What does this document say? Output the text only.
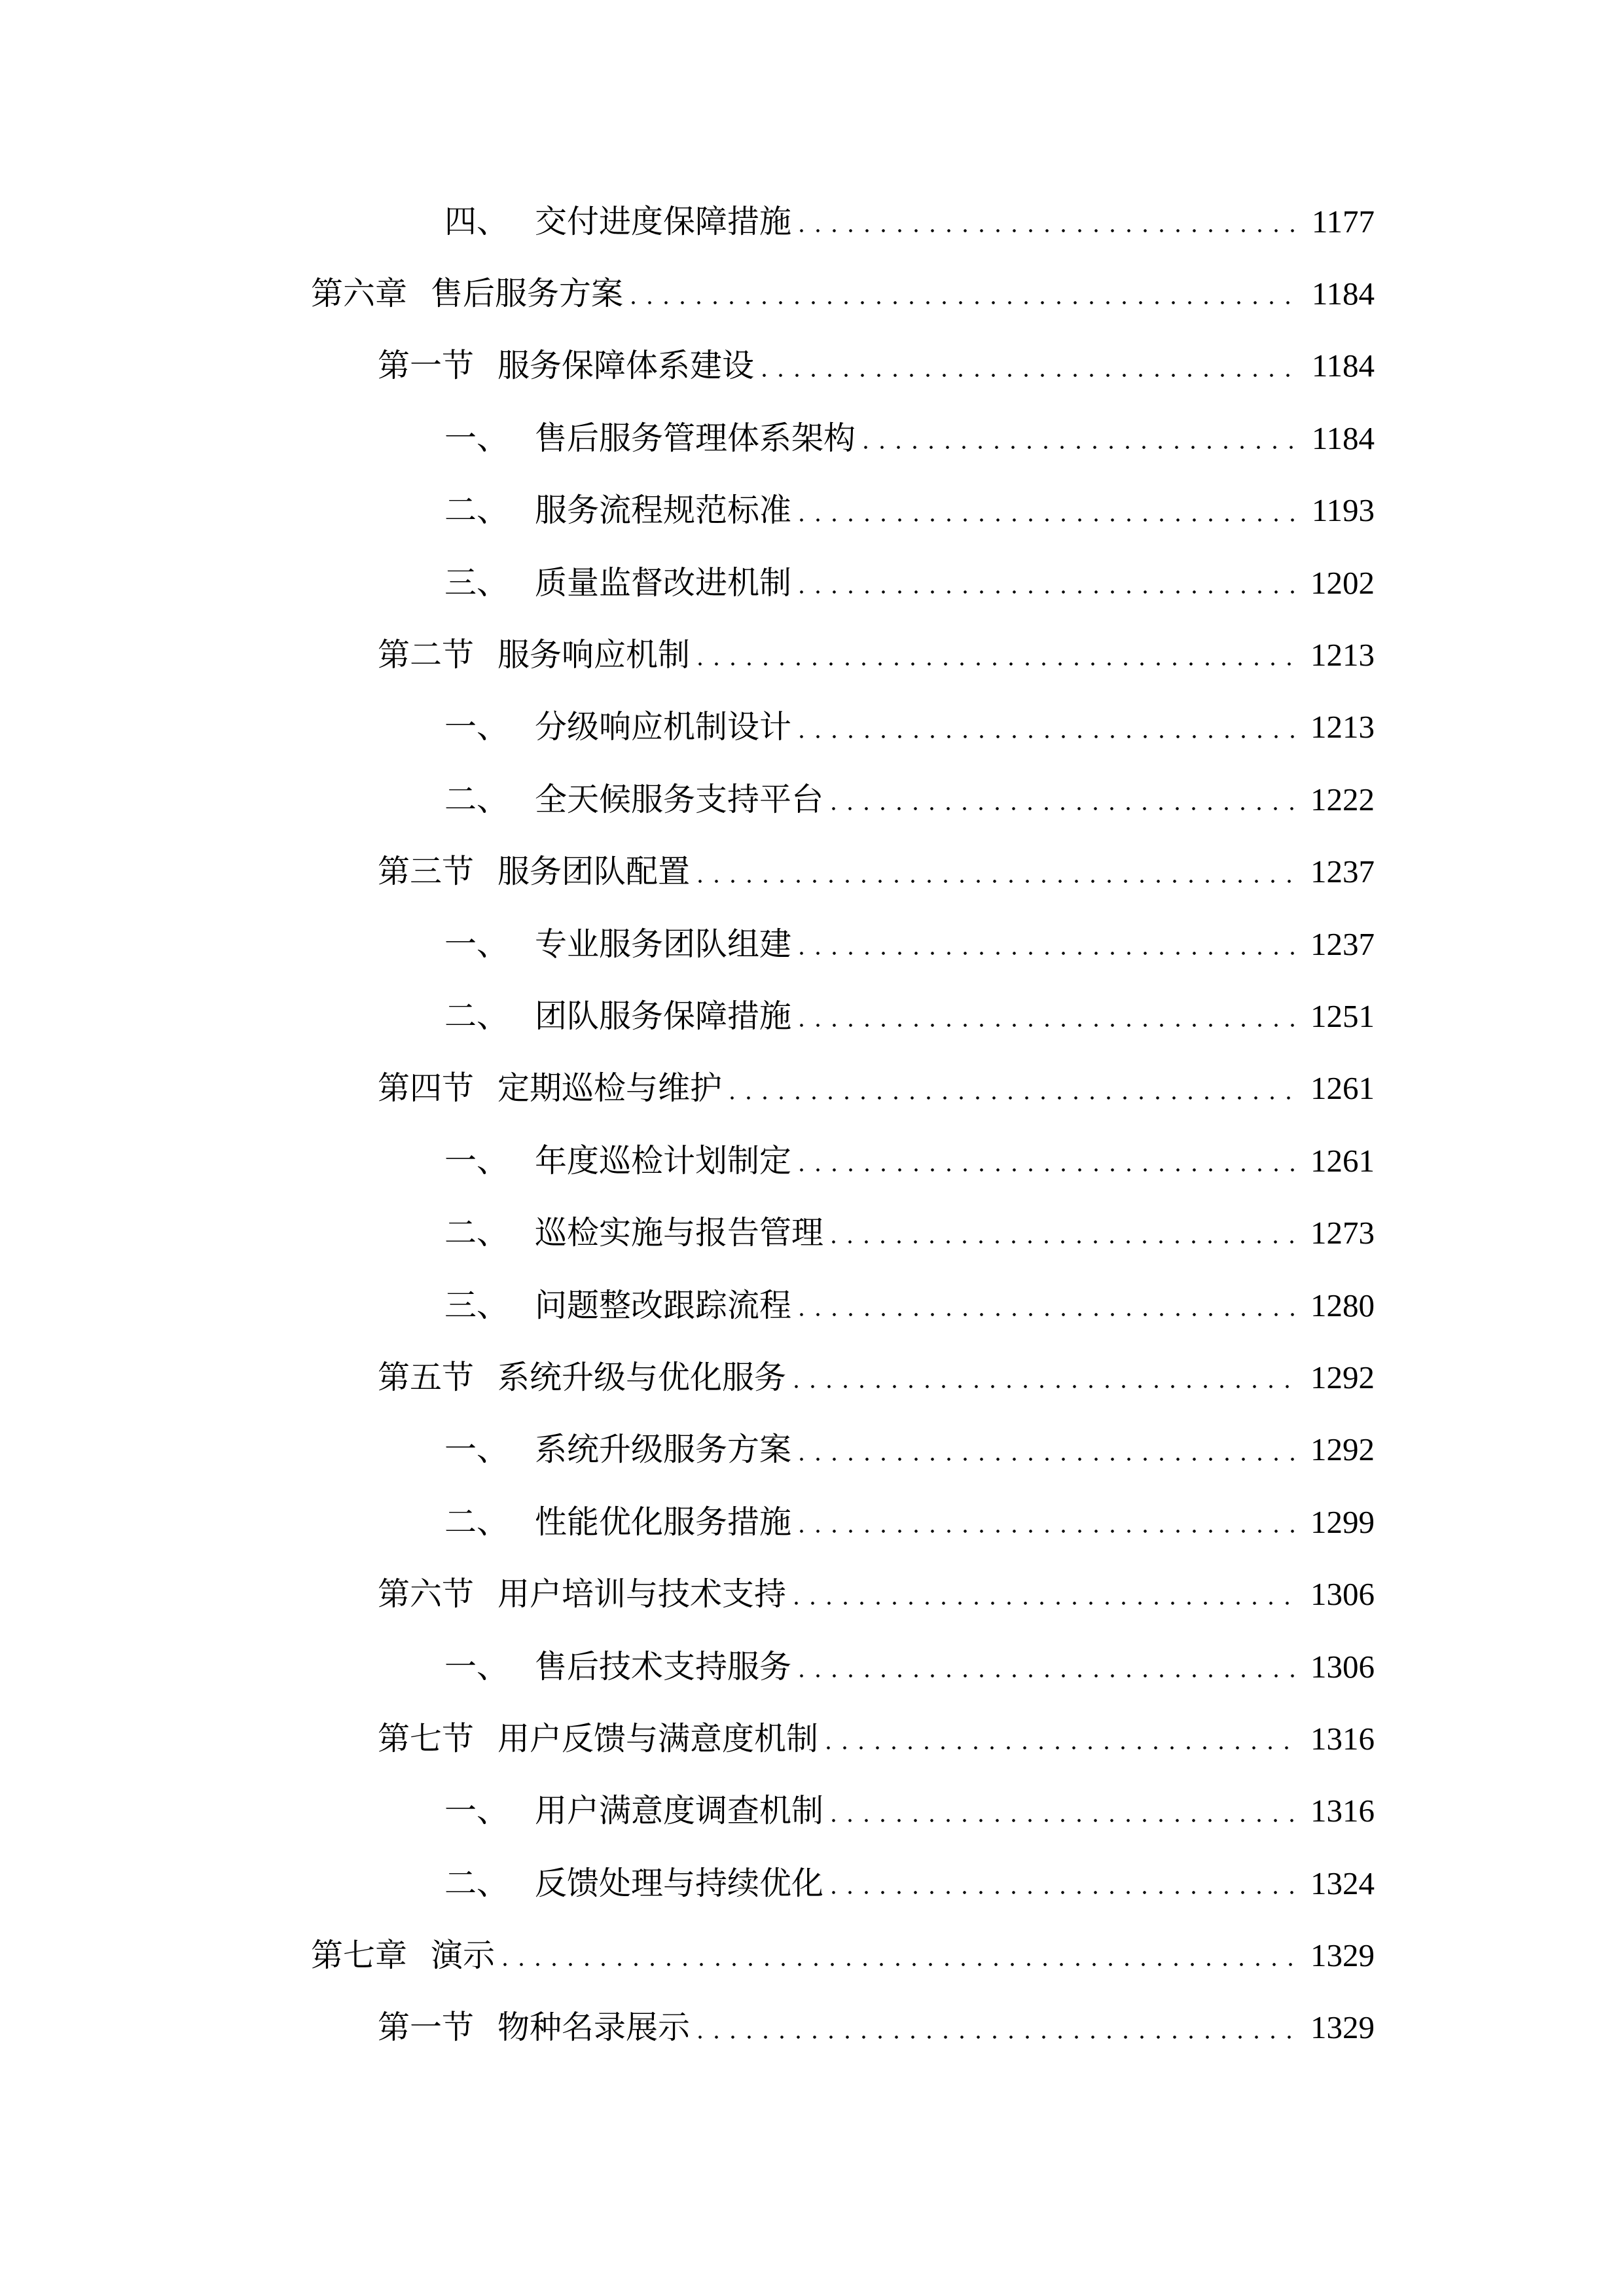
四、 交付进度保障措施	1177
第六章 售后服务方案	1184
第一节 服务保障体系建设	1184
一、 售后服务管理体系架构	1184
二、 服务流程规范标准	1193
三、 质量监督改进机制	1202
第二节 服务响应机制	1213
一、 分级响应机制设计	1213
二、 全天候服务支持平台	1222
第三节 服务团队配置	1237
一、 专业服务团队组建	1237
二、 团队服务保障措施	1251
第四节 定期巡检与维护	1261
一、 年度巡检计划制定	1261
二、 巡检实施与报告管理	1273
三、 问题整改跟踪流程	1280
第五节 系统升级与优化服务	1292
一、 系统升级服务方案	1292
二、 性能优化服务措施	1299
第六节 用户培训与技术支持	1306
一、 售后技术支持服务	1306
第七节 用户反馈与满意度机制	1316
一、 用户满意度调查机制	1316
二、 反馈处理与持续优化	1324
第七章 演示	1329
第一节 物种名录展示	1329
